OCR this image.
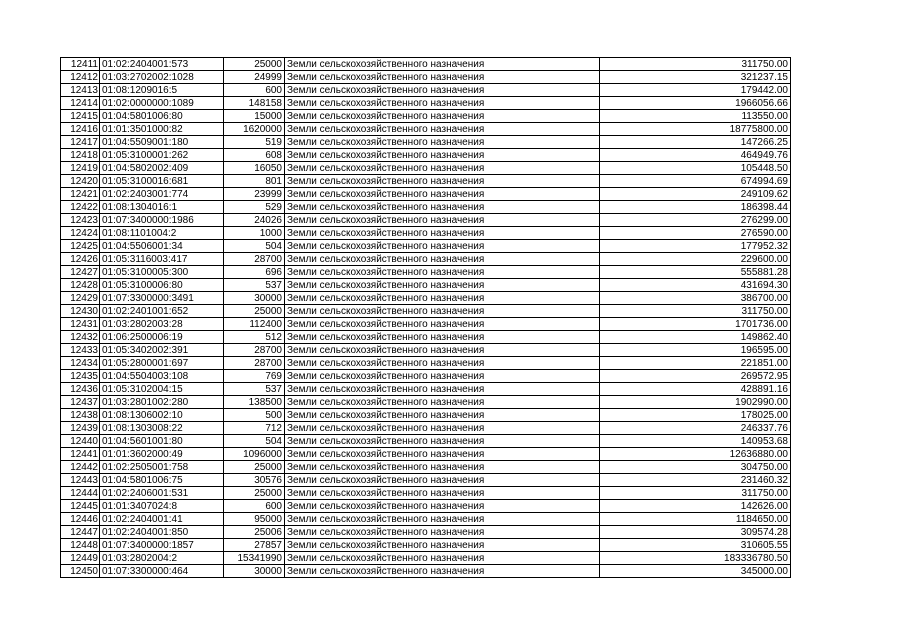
12411	01:02:2404001:573	25000	Земли сельскохозяйственного назначения	311750.00
12412	01:03:2702002:1028	24999	Земли сельскохозяйственного назначения	321237.15
12413	01:08:1209016:5	600	Земли сельскохозяйственного назначения	179442.00
12414	01:02:0000000:1089	148158	Земли сельскохозяйственного назначения	1966056.66
12415	01:04:5801006:80	15000	Земли сельскохозяйственного назначения	113550.00
12416	01:01:3501000:82	1620000	Земли сельскохозяйственного назначения	18775800.00
12417	01:04:5509001:180	519	Земли сельскохозяйственного назначения	147266.25
12418	01:05:3100001:262	608	Земли сельскохозяйственного назначения	464949.76
12419	01:04:5802002:409	16050	Земли сельскохозяйственного назначения	105448.50
12420	01:05:3100016:681	801	Земли сельскохозяйственного назначения	674994.69
12421	01:02:2403001:774	23999	Земли сельскохозяйственного назначения	249109.62
12422	01:08:1304016:1	529	Земли сельскохозяйственного назначения	186398.44
12423	01:07:3400000:1986	24026	Земли сельскохозяйственного назначения	276299.00
12424	01:08:1101004:2	1000	Земли сельскохозяйственного назначения	276590.00
12425	01:04:5506001:34	504	Земли сельскохозяйственного назначения	177952.32
12426	01:05:3116003:417	28700	Земли сельскохозяйственного назначения	229600.00
12427	01:05:3100005:300	696	Земли сельскохозяйственного назначения	555881.28
12428	01:05:3100006:80	537	Земли сельскохозяйственного назначения	431694.30
12429	01:07:3300000:3491	30000	Земли сельскохозяйственного назначения	386700.00
12430	01:02:2401001:652	25000	Земли сельскохозяйственного назначения	311750.00
12431	01:03:2802003:28	112400	Земли сельскохозяйственного назначения	1701736.00
12432	01:06:2500006:19	512	Земли сельскохозяйственного назначения	149862.40
12433	01:05:3402002:391	28700	Земли сельскохозяйственного назначения	196595.00
12434	01:05:2800001:697	28700	Земли сельскохозяйственного назначения	221851.00
12435	01:04:5504003:108	769	Земли сельскохозяйственного назначения	269572.95
12436	01:05:3102004:15	537	Земли сельскохозяйственного назначения	428891.16
12437	01:03:2801002:280	138500	Земли сельскохозяйственного назначения	1902990.00
12438	01:08:1306002:10	500	Земли сельскохозяйственного назначения	178025.00
12439	01:08:1303008:22	712	Земли сельскохозяйственного назначения	246337.76
12440	01:04:5601001:80	504	Земли сельскохозяйственного назначения	140953.68
12441	01:01:3602000:49	1096000	Земли сельскохозяйственного назначения	12636880.00
12442	01:02:2505001:758	25000	Земли сельскохозяйственного назначения	304750.00
12443	01:04:5801006:75	30576	Земли сельскохозяйственного назначения	231460.32
12444	01:02:2406001:531	25000	Земли сельскохозяйственного назначения	311750.00
12445	01:01:3407024:8	600	Земли сельскохозяйственного назначения	142626.00
12446	01:02:2404001:41	95000	Земли сельскохозяйственного назначения	1184650.00
12447	01:02:2404001:850	25006	Земли сельскохозяйственного назначения	309574.28
12448	01:07:3400000:1857	27857	Земли сельскохозяйственного назначения	310605.55
12449	01:03:2802004:2	15341990	Земли сельскохозяйственного назначения	183336780.50
12450	01:07:3300000:464	30000	Земли сельскохозяйственного назначения	345000.00
